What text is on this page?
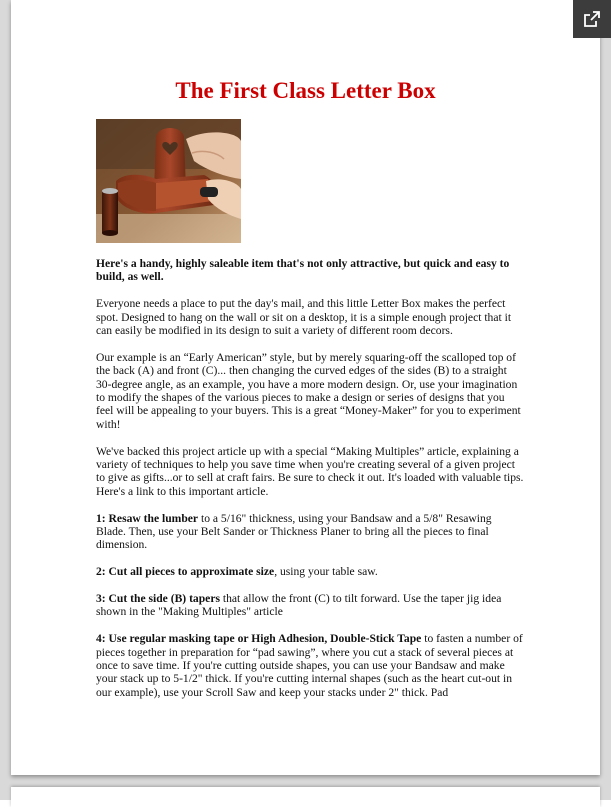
The First Class Letter Box

Here's a handy, highly saleable item that's not only attractive, but quick and easy to build, as well.

Everyone needs a place to put the day's mail, and this little Letter Box makes the perfect spot. Designed to hang on the wall or sit on a desktop, it is a simple enough project that it can easily be modified in its design to suit a variety of different room decors.

Our example is an “Early American” style, but by merely squaring-off the scalloped top of the back (A) and front (C)... then changing the curved edges of the sides (B) to a straight 30-degree angle, as an example, you have a more modern design. Or, use your imagination to modify the shapes of the various pieces to make a design or series of designs that you feel will be appealing to your buyers. This is a great “Money-Maker” for you to experiment with!

We've backed this project article up with a special “Making Multiples” article, explaining a variety of techniques to help you save time when you're creating several of a given project to give as gifts...or to sell at craft fairs. Be sure to check it out. It's loaded with valuable tips. Here's a link to this important article.

1: Resaw the lumber to a 5/16" thickness, using your Bandsaw and a 5/8" Resawing Blade. Then, use your Belt Sander or Thickness Planer to bring all the pieces to final dimension.

2: Cut all pieces to approximate size, using your table saw.

3: Cut the side (B) tapers that allow the front (C) to tilt forward. Use the taper jig idea shown in the "Making Multiples" article

4: Use regular masking tape or High Adhesion, Double-Stick Tape to fasten a number of pieces together in preparation for “pad sawing”, where you cut a stack of several pieces at once to save time. If you're cutting outside shapes, you can use your Bandsaw and make your stack up to 5-1/2" thick. If you're cutting internal shapes (such as the heart cut-out in our example), use your Scroll Saw and keep your stacks under 2" thick. Pad
